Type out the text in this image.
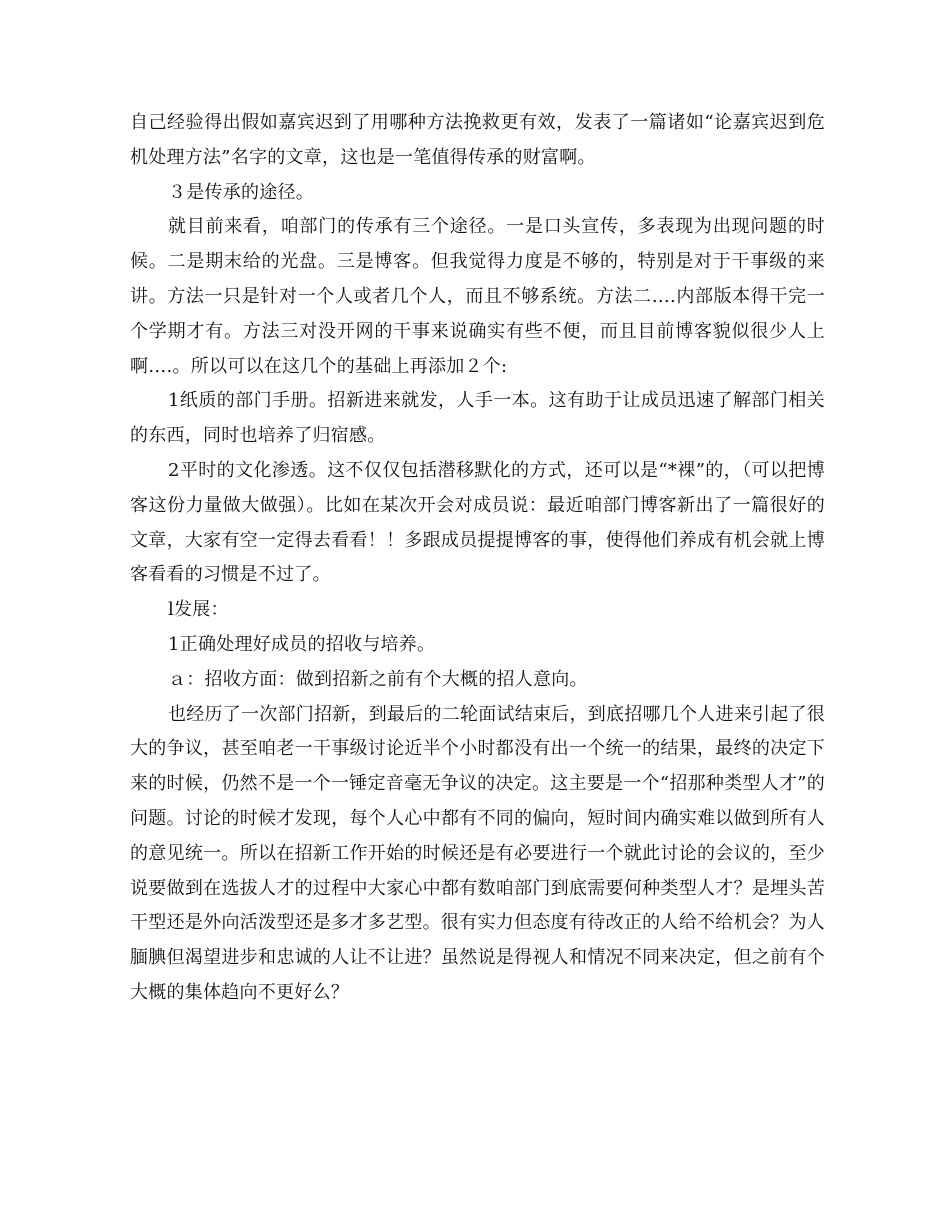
自己经验得出假如嘉宾迟到了用哪种方法挽救更有效，发表了一篇诸如“论嘉宾迟到危机处理方法”名字的文章，这也是一笔值得传承的财富啊。

３是传承的途径。

就目前来看，咱部门的传承有三个途径。一是口头宣传，多表现为出现问题的时候。二是期末给的光盘。三是博客。但我觉得力度是不够的，特别是对于干事级的来讲。方法一只是针对一个人或者几个人，而且不够系统。方法二….内部版本得干完一个学期才有。方法三对没开网的干事来说确实有些不便，而且目前博客貌似很少人上啊….。所以可以在这几个的基础上再添加２个:

1纸质的部门手册。招新进来就发，人手一本。这有助于让成员迅速了解部门相关的东西，同时也培养了归宿感。

2平时的文化渗透。这不仅仅包括潜移默化的方式，还可以是“*裸”的，（可以把博客这份力量做大做强）。比如在某次开会对成员说：最近咱部门博客新出了一篇很好的文章，大家有空一定得去看看！！多跟成员提提博客的事，使得他们养成有机会就上博客看看的习惯是不过了。

l发展：

1正确处理好成员的招收与培养。

ａ：招收方面：做到招新之前有个大概的招人意向。

也经历了一次部门招新，到最后的二轮面试结束后，到底招哪几个人进来引起了很大的争议，甚至咱老一干事级讨论近半个小时都没有出一个统一的结果，最终的决定下来的时候，仍然不是一个一锤定音毫无争议的决定。这主要是一个“招那种类型人才”的问题。讨论的时候才发现，每个人心中都有不同的偏向，短时间内确实难以做到所有人的意见统一。所以在招新工作开始的时候还是有必要进行一个就此讨论的会议的，至少说要做到在选拔人才的过程中大家心中都有数咱部门到底需要何种类型人才？是埋头苦干型还是外向活泼型还是多才多艺型。很有实力但态度有待改正的人给不给机会？为人腼腆但渴望进步和忠诚的人让不让进？虽然说是得视人和情况不同来决定，但之前有个大概的集体趋向不更好么？
